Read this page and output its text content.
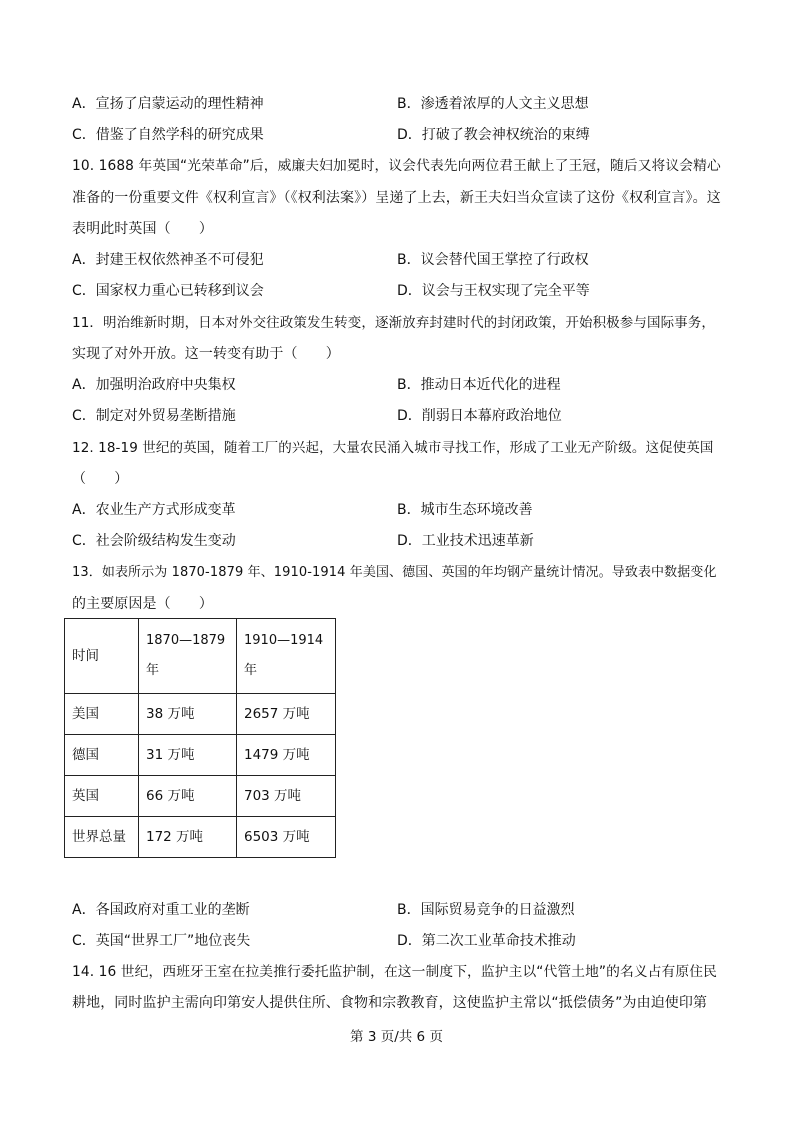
A．宣扬了启蒙运动的理性精神	B．渗透着浓厚的人文主义思想
C．借鉴了自然学科的研究成果	D．打破了教会神权统治的束缚
10. 1688 年英国“光荣革命”后，威廉夫妇加冕时，议会代表先向两位君王献上了王冠，随后又将议会精心
准备的一份重要文件《权利宣言》（《权利法案》）呈递了上去，新王夫妇当众宣读了这份《权利宣言》。这
表明此时英国（　　）
A．封建王权依然神圣不可侵犯	B．议会替代国王掌控了行政权
C．国家权力重心已转移到议会	D．议会与王权实现了完全平等
11．明治维新时期，日本对外交往政策发生转变，逐渐放弃封建时代的封闭政策，开始积极参与国际事务，
实现了对外开放。这一转变有助于（　　）
A．加强明治政府中央集权	B．推动日本近代化的进程
C．制定对外贸易垄断措施	D．削弱日本幕府政治地位
12. 18-19 世纪的英国，随着工厂的兴起，大量农民涌入城市寻找工作，形成了工业无产阶级。这促使英国
（　　）
A．农业生产方式形成变革	B．城市生态环境改善
C．社会阶级结构发生变动	D．工业技术迅速革新
13．如表所示为 1870-1879 年、1910-1914 年美国、德国、英国的年均钢产量统计情况。导致表中数据变化
的主要原因是（　　）
时间	1870—1879 年	1910—1914 年

美国	38 万吨	2657 万吨
德国	31 万吨	1479 万吨
英国	66 万吨	703 万吨
世界总量	172 万吨	6503 万吨
A．各国政府对重工业的垄断	B．国际贸易竞争的日益激烈
C．英国“世界工厂”地位丧失	D．第二次工业革命技术推动
14. 16 世纪，西班牙王室在拉美推行委托监护制，在这一制度下，监护主以“代管土地”的名义占有原住民
耕地，同时监护主需向印第安人提供住所、食物和宗教教育，这使监护主常以“抵偿债务”为由迫使印第
第 3 页/共 6 页
